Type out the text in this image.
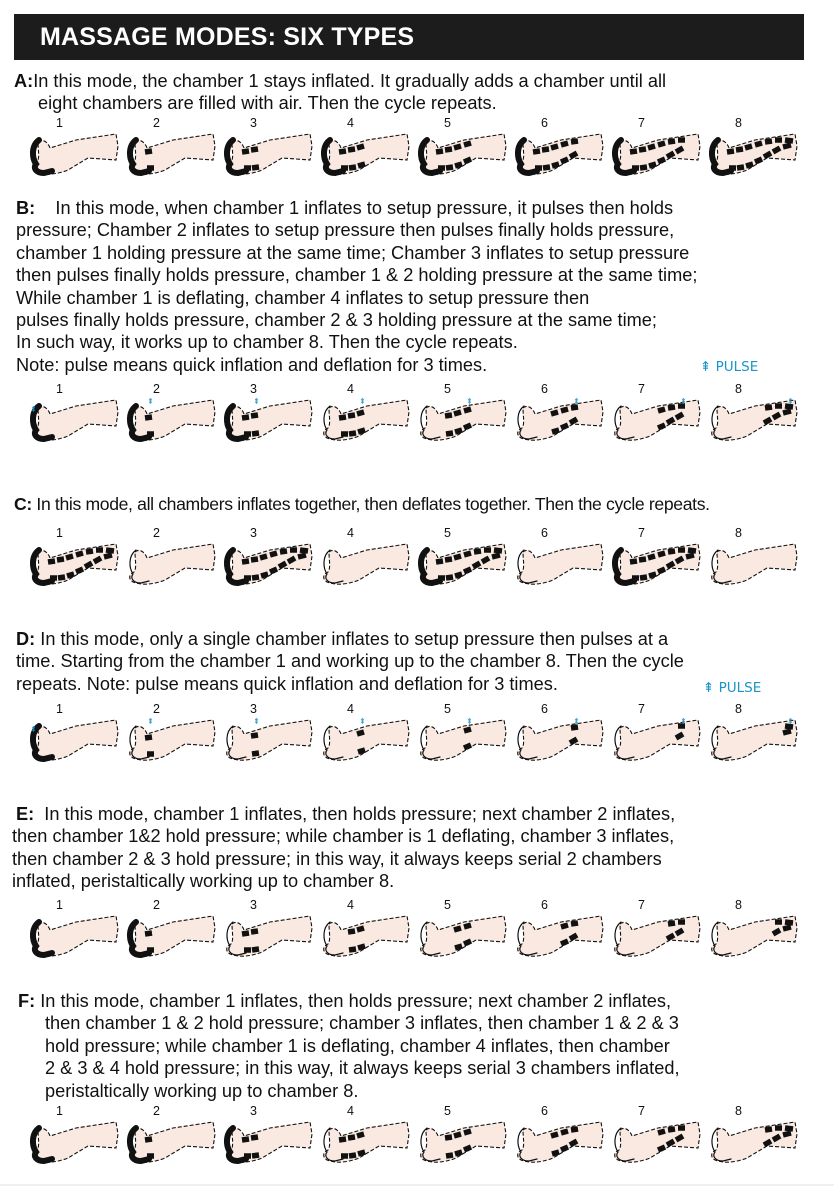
MASSAGE MODES: SIX TYPES
A:In this mode, the chamber 1 stays inflated. It gradually adds a chamber until all
eight chambers are filled with air. Then the cycle repeats.
1	2	3	4	5	6	7	8
B: In this mode, when chamber 1 inflates to setup pressure, it pulses then holds
pressure; Chamber 2 inflates to setup pressure then pulses finally holds pressure,
chamber 1 holding pressure at the same time; Chamber 3 inflates to setup pressure
then pulses finally holds pressure, chamber 1 & 2 holding pressure at the same time;
While chamber 1 is deflating, chamber 4 inflates to setup pressure then
pulses finally holds pressure, chamber 2 & 3 holding pressure at the same time;
In such way, it works up to chamber 8. Then the cycle repeats.
Note: pulse means quick inflation and deflation for 3 times.	⇞ PULSE
1
⇞
2
⇞
3
⇞
4
⇞
5
⇞
6
⇞
7
⇞
8
⇞
C: In this mode, all chambers inflates together, then deflates together. Then the cycle repeats.
1	2	3	4	5	6	7	8
D: In this mode, only a single chamber inflates to setup pressure then pulses at a
time. Starting from the chamber 1 and working up to the chamber 8. Then the cycle
repeats. Note: pulse means quick inflation and deflation for 3 times.	⇞ PULSE
1
⇞
2
⇞
3
⇞
4
⇞
5
⇞
6
⇞
7
⇞
8
⇞
E: In this mode, chamber 1 inflates, then holds pressure; next chamber 2 inflates,
then chamber 1&2 hold pressure; while chamber is 1 deflating, chamber 3 inflates,
then chamber 2 & 3 hold pressure; in this way, it always keeps serial 2 chambers
inflated, peristaltically working up to chamber 8.
1	2	3	4	5	6	7	8
F: In this mode, chamber 1 inflates, then holds pressure; next chamber 2 inflates,
then chamber 1 & 2 hold pressure; chamber 3 inflates, then chamber 1 & 2 & 3
hold pressure; while chamber 1 is deflating, chamber 4 inflates, then chamber
2 & 3 & 4 hold pressure; in this way, it always keeps serial 3 chambers inflated,
peristaltically working up to chamber 8.
1	2	3	4	5	6	7	8
